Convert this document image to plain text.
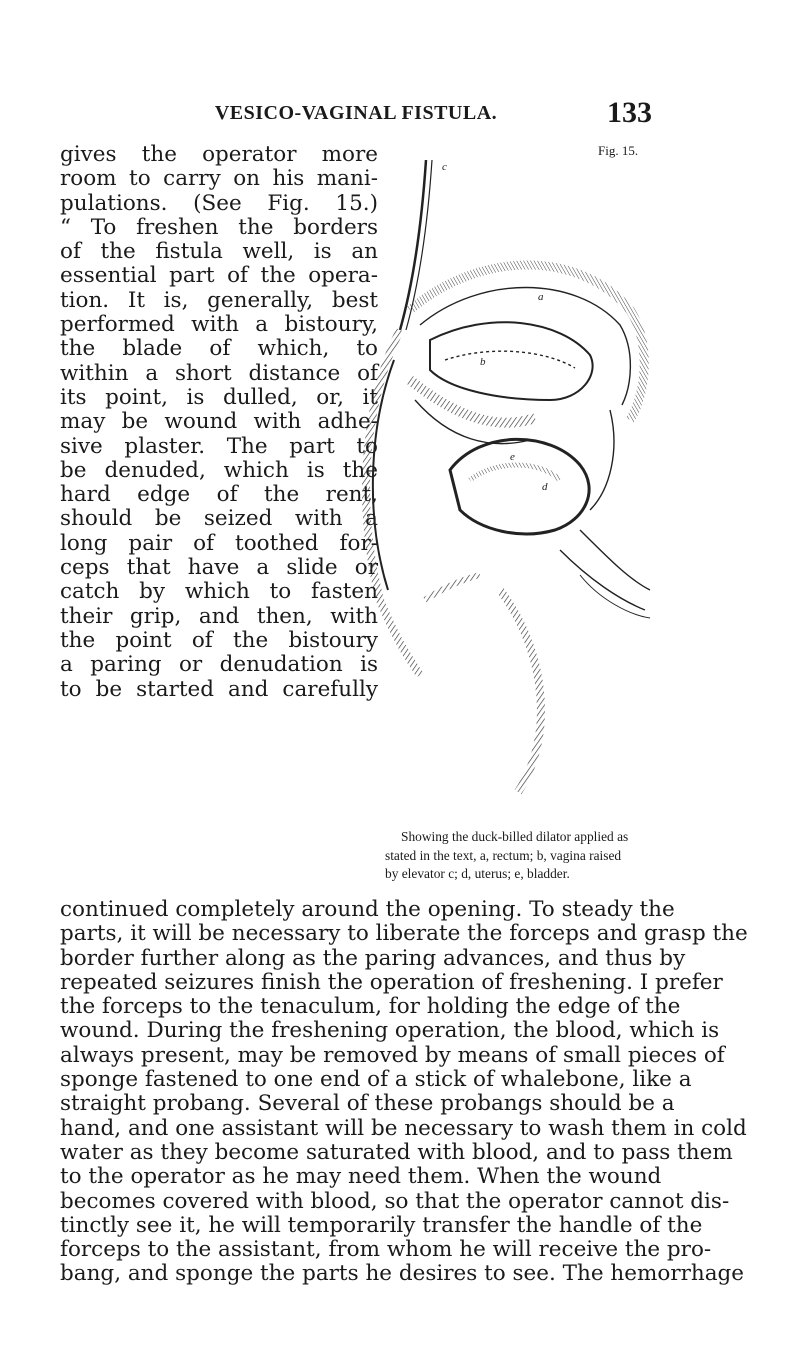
VESICO-VAGINAL FISTULA.	133
gives the operator more
room to carry on his mani-
pulations. (See Fig. 15.)
“ To freshen the borders
of the fistula well, is an
essential part of the opera-
tion. It is, generally, best
performed with a bistoury,
the blade of which, to
within a short distance of
its point, is dulled, or, it
may be wound with adhe-
sive plaster. The part to
be denuded, which is the
hard edge of the rent,
should be seized with a
long pair of toothed for-
ceps that have a slide or
catch by which to fasten
their grip, and then, with
the point of the bistoury
a paring or denudation is
to be started and carefully
Fig. 15.
c
a
b
d
e
Showing the duck-billed dilator applied as
stated in the text, a, rectum; b, vagina raised
by elevator c; d, uterus; e, bladder.
continued completely around the opening. To steady the
parts, it will be necessary to liberate the forceps and grasp the
border further along as the paring advances, and thus by
repeated seizures finish the operation of freshening. I prefer
the forceps to the tenaculum, for holding the edge of the
wound. During the freshening operation, the blood, which is
always present, may be removed by means of small pieces of
sponge fastened to one end of a stick of whalebone, like a
straight probang. Several of these probangs should be a
hand, and one assistant will be necessary to wash them in cold
water as they become saturated with blood, and to pass them
to the operator as he may need them. When the wound
becomes covered with blood, so that the operator cannot dis-
tinctly see it, he will temporarily transfer the handle of the
forceps to the assistant, from whom he will receive the pro-
bang, and sponge the parts he desires to see. The hemorrhage
